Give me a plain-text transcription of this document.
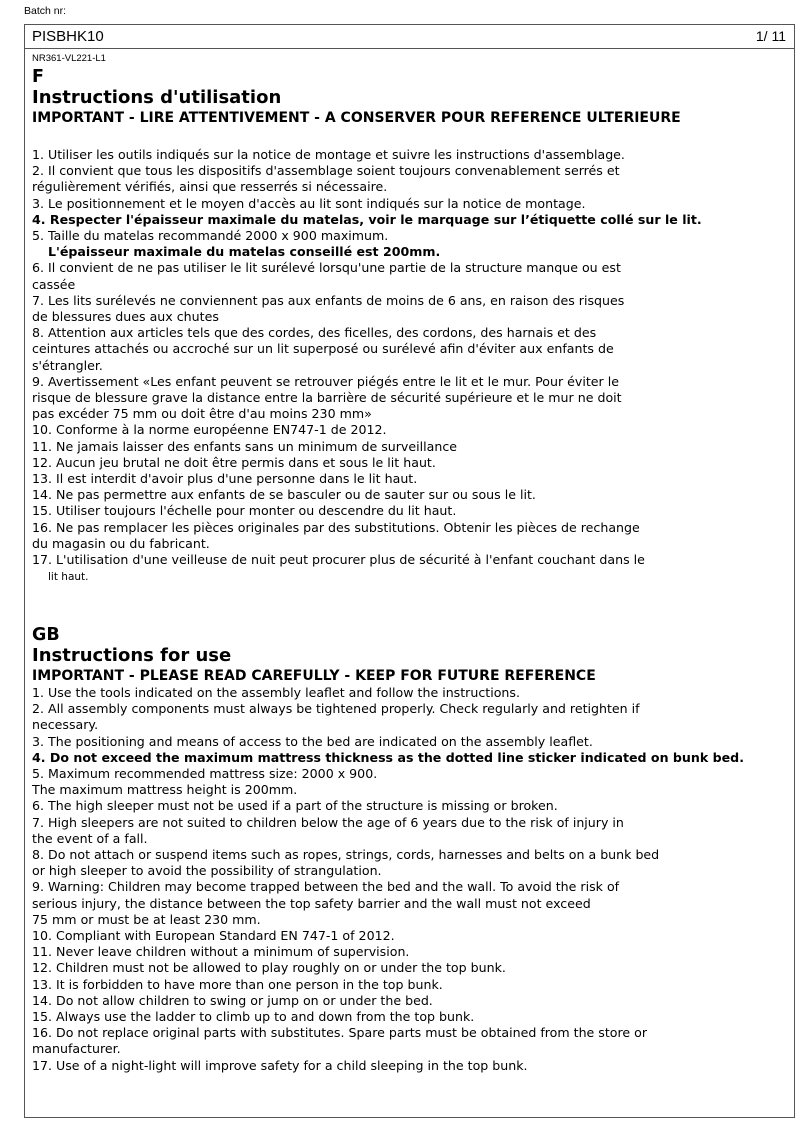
Batch nr:
PISBHK10	1/ 11
NR361-VL221-L1
F
Instructions d'utilisation
IMPORTANT - LIRE ATTENTIVEMENT - A CONSERVER POUR REFERENCE ULTERIEURE
1. Utiliser les outils indiqués sur la notice de montage et suivre les instructions d'assemblage.
2. Il convient que tous les dispositifs d'assemblage soient toujours convenablement serrés et
régulièrement vérifiés, ainsi que resserrés si nécessaire.
3. Le positionnement et le moyen d'accès au lit sont indiqués sur la notice de montage.
4. Respecter l'épaisseur maximale du matelas, voir le marquage sur l’étiquette collé sur le lit.
5. Taille du matelas recommandé 2000 x 900 maximum.
L'épaisseur maximale du matelas conseillé est 200mm.
6. Il convient de ne pas utiliser le lit surélevé lorsqu'une partie de la structure manque ou est
cassée
7. Les lits surélevés ne conviennent pas aux enfants de moins de 6 ans, en raison des risques
de blessures dues aux chutes
8. Attention aux articles tels que des cordes, des ficelles, des cordons, des harnais et des
ceintures attachés ou accroché sur un lit superposé ou surélevé afin d'éviter aux enfants de
s'étrangler.
9. Avertissement «Les enfant peuvent se retrouver piégés entre le lit et le mur. Pour éviter le
risque de blessure grave la distance entre la barrière de sécurité supérieure et le mur ne doit
pas excéder 75 mm ou doit être d'au moins 230 mm»
10. Conforme à la norme européenne EN747-1 de 2012.
11. Ne jamais laisser des enfants sans un minimum de surveillance
12. Aucun jeu brutal ne doit être permis dans et sous le lit haut.
13. Il est interdit d'avoir plus d'une personne dans le lit haut.
14. Ne pas permettre aux enfants de se basculer ou de sauter sur ou sous le lit.
15. Utiliser toujours l'échelle pour monter ou descendre du lit haut.
16. Ne pas remplacer les pièces originales par des substitutions. Obtenir les pièces de rechange
du magasin ou du fabricant.
17. L'utilisation d'une veilleuse de nuit peut procurer plus de sécurité à l'enfant couchant dans le
lit haut.
GB
Instructions for use
IMPORTANT - PLEASE READ CAREFULLY - KEEP FOR FUTURE REFERENCE
1. Use the tools indicated on the assembly leaflet and follow the instructions.
2. All assembly components must always be tightened properly. Check regularly and retighten if
necessary.
3. The positioning and means of access to the bed are indicated on the assembly leaflet.
4. Do not exceed the maximum mattress thickness as the dotted line sticker indicated on bunk bed.
5. Maximum recommended mattress size: 2000 x 900.
The maximum mattress height is 200mm.
6. The high sleeper must not be used if a part of the structure is missing or broken.
7. High sleepers are not suited to children below the age of 6 years due to the risk of injury in
the event of a fall.
8. Do not attach or suspend items such as ropes, strings, cords, harnesses and belts on a bunk bed
or high sleeper to avoid the possibility of strangulation.
9. Warning: Children may become trapped between the bed and the wall. To avoid the risk of
serious injury, the distance between the top safety barrier and the wall must not exceed
75 mm or must be at least 230 mm.
10. Compliant with European Standard EN 747-1 of 2012.
11. Never leave children without a minimum of supervision.
12. Children must not be allowed to play roughly on or under the top bunk.
13. It is forbidden to have more than one person in the top bunk.
14. Do not allow children to swing or jump on or under the bed.
15. Always use the ladder to climb up to and down from the top bunk.
16. Do not replace original parts with substitutes. Spare parts must be obtained from the store or
manufacturer.
17. Use of a night-light will improve safety for a child sleeping in the top bunk.
